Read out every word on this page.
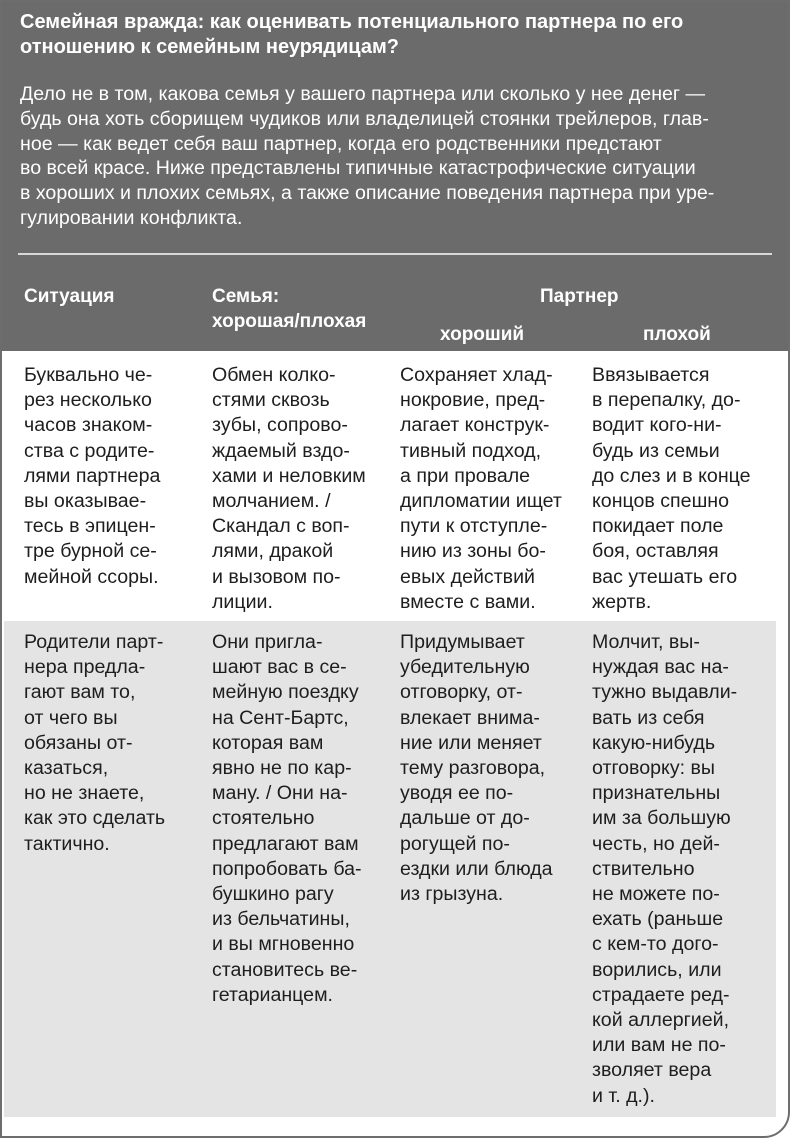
Семейная вражда: как оценивать потенциального партнера по его
отношению к семейным неурядицам?
Дело не в том, какова семья у вашего партнера или сколько у нее денег —
будь она хоть сборищем чудиков или владелицей стоянки трейлеров, глав-
ное — как ведет себя ваш партнер, когда его родственники предстают
во всей красе. Ниже представлены типичные катастрофические ситуации
в хороших и плохих семьях, а также описание поведения партнера при уре-
гулировании конфликта.
Ситуация	Семья:
хорошая/плохая
Партнер
хороший	плохой
Буквально че-
рез несколько
часов знаком-
ства с родите-
лями партнера
вы оказывае-
тесь в эпицен-
тре бурной се-
мейной ссоры.
Обмен колко-
стями сквозь
зубы, сопрово-
ждаемый вздо-
хами и неловким
молчанием. /
Скандал с воп-
лями, дракой
и вызовом по-
лиции.
Сохраняет хлад-
нокровие, пред-
лагает конструк-
тивный подход,
а при провале
дипломатии ищет
пути к отступле-
нию из зоны бо-
евых действий
вместе с вами.
Ввязывается
в перепалку, до-
водит кого-ни-
будь из семьи
до слез и в конце
концов спешно
покидает поле
боя, оставляя
вас утешать его
жертв.
Родители парт-
нера предла-
гают вам то,
от чего вы
обязаны от-
казаться,
но не знаете,
как это сделать
тактично.
Они пригла-
шают вас в се-
мейную поездку
на Сент-Бартс,
которая вам
явно не по кар-
ману. / Они на-
стоятельно
предлагают вам
попробовать ба-
бушкино рагу
из бельчатины,
и вы мгновенно
становитесь ве-
гетарианцем.
Придумывает
убедительную
отговорку, от-
влекает внима-
ние или меняет
тему разговора,
уводя ее по-
дальше от до-
рогущей по-
ездки или блюда
из грызуна.
Молчит, вы-
нуждая вас на-
тужно выдавли-
вать из себя
какую-нибудь
отговорку: вы
признательны
им за большую
честь, но дей-
ствительно
не можете по-
ехать (раньше
с кем-то дого-
ворились, или
страдаете ред-
кой аллергией,
или вам не по-
зволяет вера
и т. д.).
